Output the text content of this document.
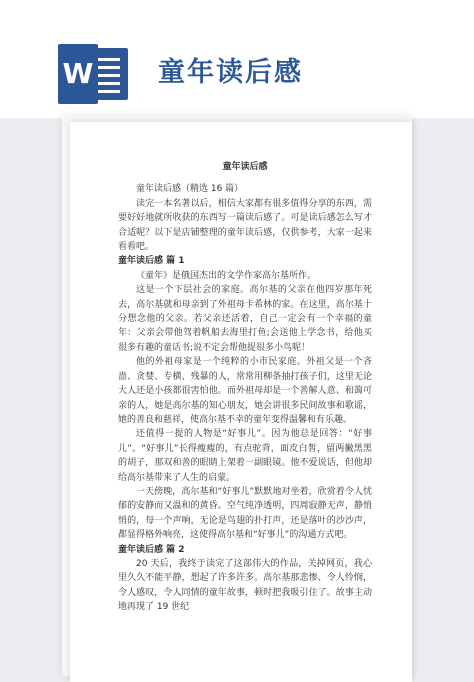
W 童年读后感

童年读后感

童年读后感（精选 16 篇）

读完一本名著以后，相信大家都有很多值得分享的东西，需要好好地就所收获的东西写一篇读后感了。可是读后感怎么写才合适呢？以下是店铺整理的童年读后感，仅供参考，大家一起来看看吧。

童年读后感 篇 1

《童年》是俄国杰出的文学作家高尔基所作。

这是一个下层社会的家庭。高尔基的父亲在他四岁那年死去，高尔基就和母亲到了外祖母卡希林的家。在这里，高尔基十分想念他的父亲。若父亲还活着，自己一定会有一个幸福的童年：父亲会带他驾着帆船去海里打鱼;会送他上学念书，给他买很多有趣的童话书;说不定会帮他捉很多小鸟呢！

他的外祖母家是一个纯粹的小市民家庭。外祖父是一个吝啬、贪婪、专横、残暴的人，常常用柳条抽打孩子们，这里无论大人还是小孩都很害怕他。而外祖母却是一个善解人意、和蔼可亲的人，她是高尔基的知心朋友，她会讲很多民间故事和歌谣，她的善良和慈祥，使高尔基不幸的童年变得温馨和有乐趣。

还值得一提的人物是“好事儿”。因为他总是回答：“好事儿”。“好事儿”长得瘦瘦的，有点驼背，面皮白皙，留两撇黑黑的胡子，那双和善的眼睛上架着一副眼镜。他不爱说话，但他却给高尔基带来了人生的启蒙。

一天傍晚，高尔基和“好事儿”默默地对坐着，欣赏着令人忧郁的安静而又温和的黄昏。空气纯净透明，四周寂静无声，静悄悄的，每一个声响，无论是鸟翅的扑打声，还是落叶的沙沙声，都显得格外响亮，这使得高尔基和“好事儿”的沟通方式吧。

童年读后感 篇 2

20 天后，我终于读完了这部伟大的作品，关掉网页，我心里久久不能平静，想起了许多许多。高尔基那悲惨、令人怜悯，令人感叹，令人同情的童年故事，顿时把我吸引住了。故事主动地再现了 19 世纪
